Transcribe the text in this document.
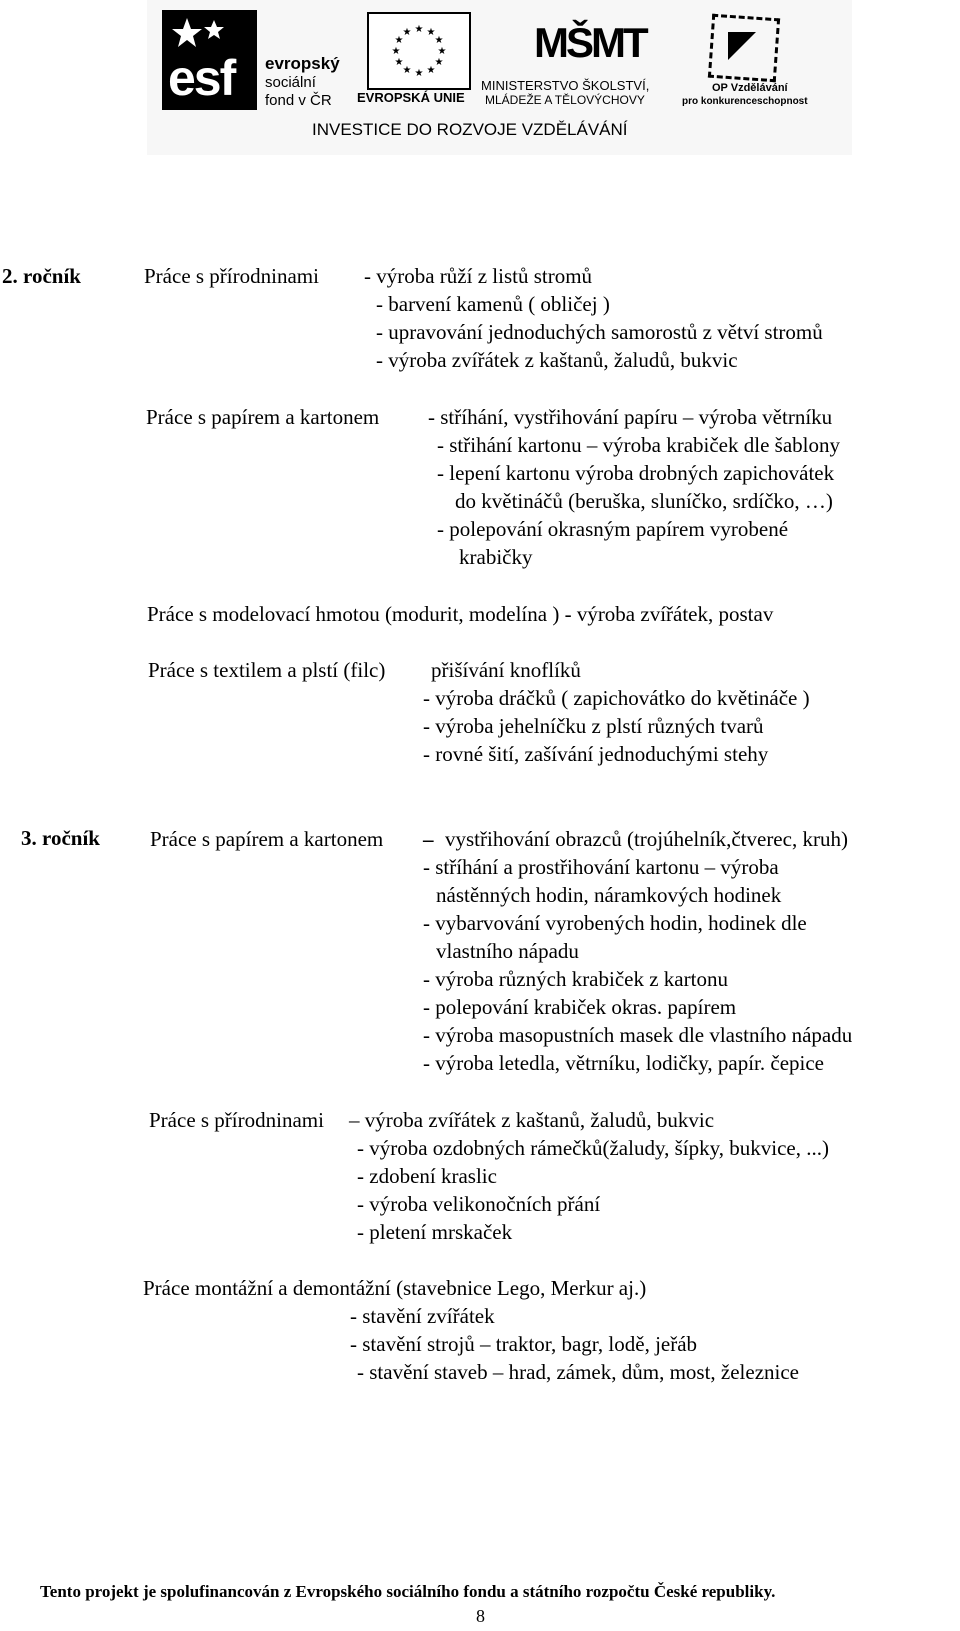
esf evropský
sociální
fond v ČR
★ ★
★
★
★
★
★
★
★
★
★
★
EVROPSKÁ UNIE
MŠMT
MINISTERSTVO ŠKOLSTVÍ,
MLÁDEŽE A TĚLOVÝCHOVY
OP Vzdělávání
pro konkurenceschopnost
INVESTICE DO ROZVOJE VZDĚLÁVÁNÍ
2. ročník	Práce s přírodninami - výroba růží z listů stromů
- barvení kamenů ( obličej )
- upravování jednoduchých samorostů z větví stromů
- výroba zvířátek z kaštanů, žaludů, bukvic
Práce s papírem a kartonem - stříhání, vystřihování papíru – výroba větrníku
- střihání kartonu – výroba krabiček dle šablony
- lepení kartonu výroba drobných zapichovátek
do květináčů (beruška, sluníčko, srdíčko, …)
- polepování okrasným papírem vyrobené
krabičky
Práce s modelovací hmotou (modurit, modelína ) - výroba zvířátek, postav
Práce s textilem a plstí (filc) přišívání knoflíků
- výroba dráčků ( zapichovátko do květináče )
- výroba jehelníčku z plstí různých tvarů
- rovné šití, zašívání jednoduchými stehy
3. ročník Práce s papírem a kartonem – vystřihování obrazců (trojúhelník,čtverec, kruh)
- stříhání a prostřihování kartonu – výroba
nástěnných hodin, náramkových hodinek
- vybarvování vyrobených hodin, hodinek dle
vlastního nápadu
- výroba různých krabiček z kartonu
- polepování krabiček okras. papírem
- výroba masopustních masek dle vlastního nápadu
- výroba letedla, větrníku, lodičky, papír. čepice
Práce s přírodninami – výroba zvířátek z kaštanů, žaludů, bukvic
- výroba ozdobných rámečků(žaludy, šípky, bukvice, ...)
- zdobení kraslic
- výroba velikonočních přání
- pletení mrskaček
Práce montážní a demontážní (stavebnice Lego, Merkur aj.)
- stavění zvířátek
- stavění strojů – traktor, bagr, lodě, jeřáb
- stavění staveb – hrad, zámek, dům, most, železnice
Tento projekt je spolufinancován z Evropského sociálního fondu a státního rozpočtu České republiky.
8
